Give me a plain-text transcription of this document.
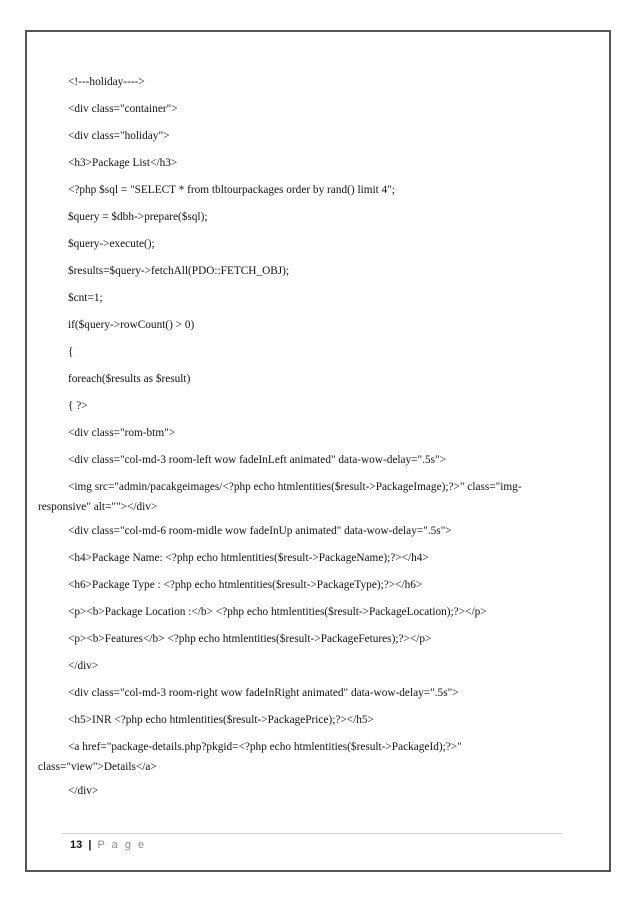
<!---holiday---->
<div class="container">
<div class="holiday">
<h3>Package List</h3>
<?php $sql = "SELECT * from tbltourpackages order by rand() limit 4";
$query = $dbh->prepare($sql);
$query->execute();
$results=$query->fetchAll(PDO::FETCH_OBJ);
$cnt=1;
if($query->rowCount() > 0)
{
foreach($results as $result)
{ ?>
<div class="rom-btm">
<div class="col-md-3 room-left wow fadeInLeft animated" data-wow-delay=".5s">
<img src="admin/pacakgeimages/<?php echo htmlentities($result->PackageImage);?>" class="img-responsive" alt=""></div>
<div class="col-md-6 room-midle wow fadeInUp animated" data-wow-delay=".5s">
<h4>Package Name: <?php echo htmlentities($result->PackageName);?></h4>
<h6>Package Type : <?php echo htmlentities($result->PackageType);?></h6>
<p><b>Package Location :</b> <?php echo htmlentities($result->PackageLocation);?></p>
<p><b>Features</b> <?php echo htmlentities($result->PackageFetures);?></p>
</div>
<div class="col-md-3 room-right wow fadeInRight animated" data-wow-delay=".5s">
<h5>INR <?php echo htmlentities($result->PackagePrice);?></h5>
<a href="package-details.php?pkgid=<?php echo htmlentities($result->PackageId);?>" class="view">Details</a>
</div>
13 | P a g e
